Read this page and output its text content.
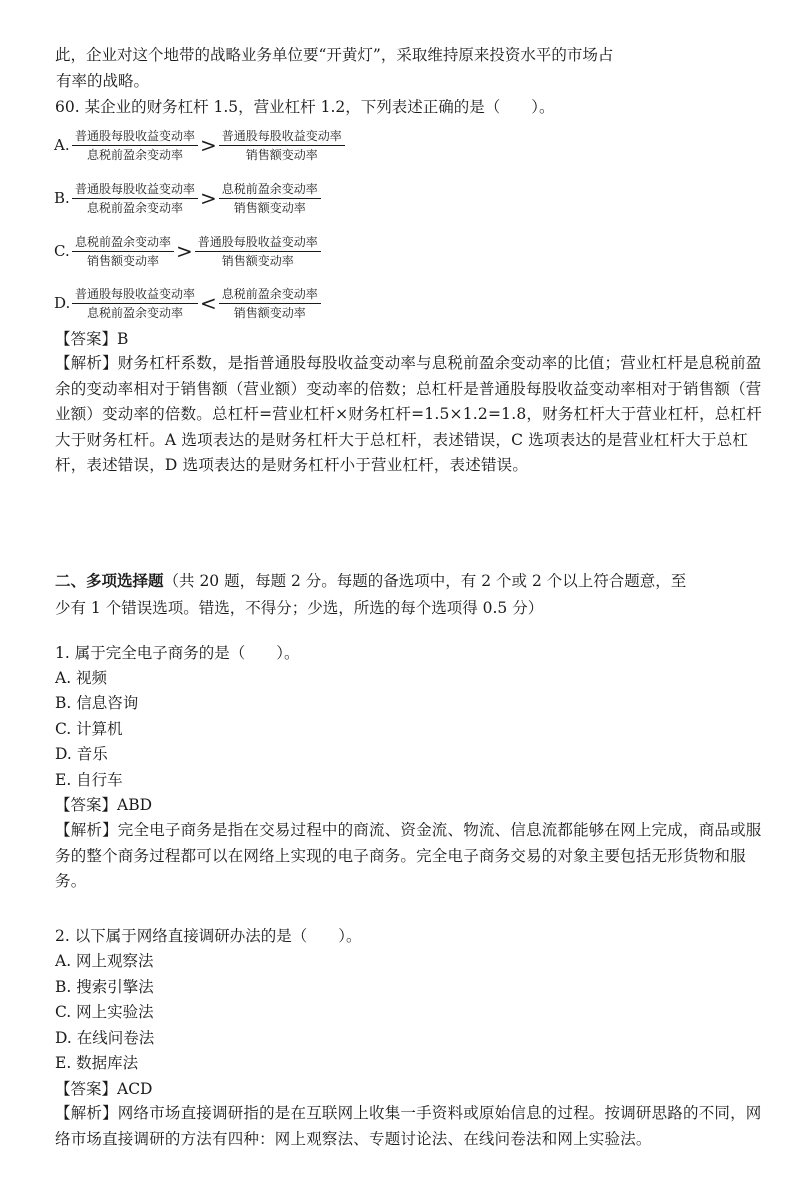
此，企业对这个地带的战略业务单位要“开黄灯”，采取维持原来投资水平的市场占
有率的战略。
60. 某企业的财务杠杆 1.5，营业杠杆 1.2，下列表述正确的是（　　）。
A. $\frac{\text{普通股每股收益变动率}}{\text{息税前盈余变动率}} > \frac{\text{普通股每股收益变动率}}{\text{销售额变动率}}$
B. $\frac{\text{普通股每股收益变动率}}{\text{息税前盈余变动率}} > \frac{\text{息税前盈余变动率}}{\text{销售额变动率}}$
C. $\frac{\text{息税前盈余变动率}}{\text{销售额变动率}} > \frac{\text{普通股每股收益变动率}}{\text{销售额变动率}}$
D. $\frac{\text{普通股每股收益变动率}}{\text{息税前盈余变动率}} < \frac{\text{息税前盈余变动率}}{\text{销售额变动率}}$
【答案】B
【解析】财务杠杆系数，是指普通股每股收益变动率与息税前盈余变动率的比值；营业杠杆是息税前盈余的变动率相对于销售额（营业额）变动率的倍数；总杠杆是普通股每股收益变动率相对于销售额（营业额）变动率的倍数。总杠杆=营业杠杆×财务杠杆=1.5×1.2=1.8，财务杠杆大于营业杠杆，总杠杆大于财务杠杆。A 选项表达的是财务杠杆大于总杠杆，表述错误，C 选项表达的是营业杠杆大于总杠杆，表述错误，D 选项表达的是财务杠杆小于营业杠杆，表述错误。
二、多项选择题（共 20 题，每题 2 分。每题的备选项中，有 2 个或 2 个以上符合题意，至
少有 1 个错误选项。错选，不得分；少选，所选的每个选项得 0.5 分）
1. 属于完全电子商务的是（　　）。
A. 视频
B. 信息咨询
C. 计算机
D. 音乐
E. 自行车
【答案】ABD
【解析】完全电子商务是指在交易过程中的商流、资金流、物流、信息流都能够在网上完成，商品或服务的整个商务过程都可以在网络上实现的电子商务。完全电子商务交易的对象主要包括无形货物和服务。
2. 以下属于网络直接调研办法的是（　　）。
A. 网上观察法
B. 搜索引擎法
C. 网上实验法
D. 在线问卷法
E. 数据库法
【答案】ACD
【解析】网络市场直接调研指的是在互联网上收集一手资料或原始信息的过程。按调研思路的不同，网络市场直接调研的方法有四种：网上观察法、专题讨论法、在线问卷法和网上实验法。
